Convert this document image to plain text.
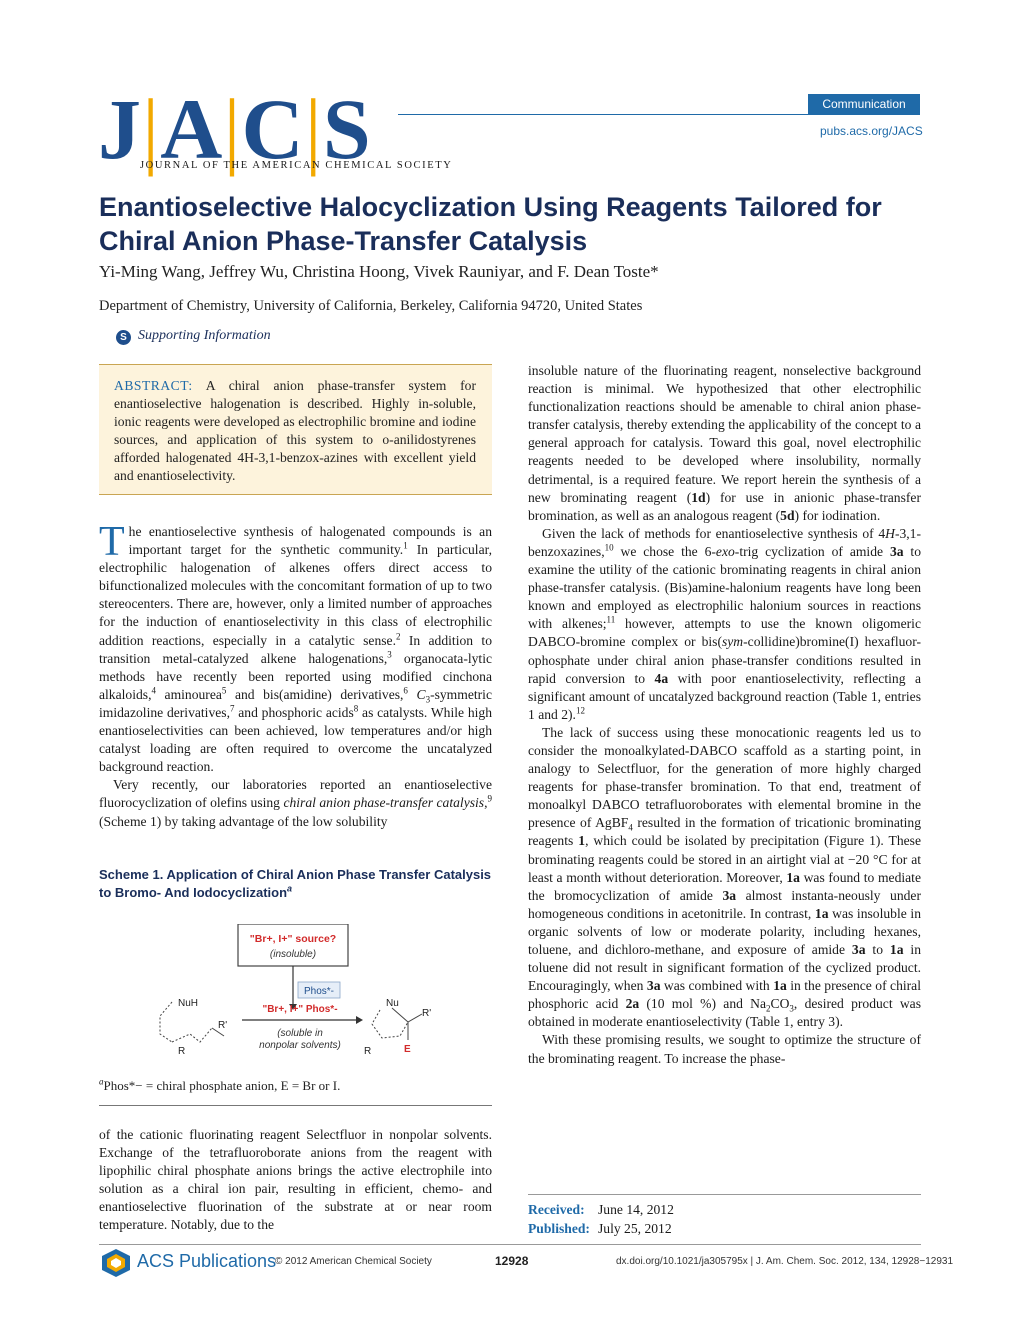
J|A|C|S
JOURNAL OF THE AMERICAN CHEMICAL SOCIETY
Communication
pubs.acs.org/JACS
Enantioselective Halocyclization Using Reagents Tailored for Chiral Anion Phase-Transfer Catalysis
Yi-Ming Wang, Jeffrey Wu, Christina Hoong, Vivek Rauniyar, and F. Dean Toste*
Department of Chemistry, University of California, Berkeley, California 94720, United States
S Supporting Information
ABSTRACT: A chiral anion phase-transfer system for enantioselective halogenation is described. Highly in-soluble, ionic reagents were developed as electrophilic bromine and iodine sources, and application of this system to o-anilidostyrenes afforded halogenated 4H-3,1-benzox-azines with excellent yield and enantioselectivity.

The enantioselective synthesis of halogenated compounds is an important target for the synthetic community.$^1$ In particular, electrophilic halogenation of alkenes offers direct access to bifunctionalized molecules with the concomitant formation of up to two stereocenters. There are, however, only a limited number of approaches for the induction of enantioselectivity in this class of electrophilic addition reactions, especially in a catalytic sense.$^2$ In addition to transition metal-catalyzed alkene halogenations,$^3$ organocata-lytic methods have recently been reported using modified cinchona alkaloids,$^4$ aminourea$^5$ and bis(amidine) derivatives,$^6$ $C_3$-symmetric imidazoline derivatives,$^7$ and phosphoric acids$^8$ as catalysts. While high enantioselectivities can been achieved, low temperatures and/or high catalyst loading are often required to overcome the uncatalyzed background reaction.

Very recently, our laboratories reported an enantioselective fluorocyclization of olefins using chiral anion phase-transfer catalysis,$^9$ (Scheme 1) by taking advantage of the low solubility

Scheme 1. Application of Chiral Anion Phase Transfer Catalysis to Bromo- And Iodocyclization$^a$
"Br+, I+" source?
(insoluble)
Phos*-
NuH
R
R'
"Br+, I+" Phos*-
(soluble in
nonpolar solvents)
Nu
R
R'
E
$^a$Phos*− = chiral phosphate anion, E = Br or I.

of the cationic fluorinating reagent Selectfluor in nonpolar solvents. Exchange of the tetrafluoroborate anions from the reagent with lipophilic chiral phosphate anions brings the active electrophile into solution as a chiral ion pair, resulting in efficient, chemo- and enantioselective fluorination of the substrate at or near room temperature. Notably, due to the

insoluble nature of the fluorinating reagent, nonselective background reaction is minimal. We hypothesized that other electrophilic functionalization reactions should be amenable to chiral anion phase-transfer catalysis, thereby extending the applicability of the concept to a general approach for catalysis. Toward this goal, novel electrophilic reagents needed to be developed where insolubility, normally detrimental, is a required feature. We report herein the synthesis of a new brominating reagent (1d) for use in anionic phase-transfer bromination, as well as an analogous reagent (5d) for iodination.

Given the lack of methods for enantioselective synthesis of 4H-3,1-benzoxazines,$^{10}$ we chose the 6-exo-trig cyclization of amide 3a to examine the utility of the cationic brominating reagents in chiral anion phase-transfer catalysis. (Bis)amine-halonium reagents have long been known and employed as electrophilic halonium sources in reactions with alkenes;$^{11}$ however, attempts to use the known oligomeric DABCO-bromine complex or bis(sym-collidine)bromine(I) hexafluor-ophosphate under chiral anion phase-transfer conditions resulted in rapid conversion to 4a with poor enantioselectivity, reflecting a significant amount of uncatalyzed background reaction (Table 1, entries 1 and 2).$^{12}$

The lack of success using these monocationic reagents led us to consider the monoalkylated-DABCO scaffold as a starting point, in analogy to Selectfluor, for the generation of more highly charged reagents for phase-transfer bromination. To that end, treatment of monoalkyl DABCO tetrafluoroborates with elemental bromine in the presence of AgBF$_4$ resulted in the formation of tricationic brominating reagents 1, which could be isolated by precipitation (Figure 1). These brominating reagents could be stored in an airtight vial at −20 °C for at least a month without deterioration. Moreover, 1a was found to mediate the bromocyclization of amide 3a almost instanta-neously under homogeneous conditions in acetonitrile. In contrast, 1a was insoluble in organic solvents of low or moderate polarity, including hexanes, toluene, and dichloro-methane, and exposure of amide 3a to 1a in toluene did not result in significant formation of the cyclized product. Encouragingly, when 3a was combined with 1a in the presence of chiral phosphoric acid 2a (10 mol %) and $Na_2CO_3$, desired product was obtained in moderate enantioselectivity (Table 1, entry 3).

With these promising results, we sought to optimize the structure of the brominating reagent. To increase the phase-

Received: June 14, 2012
Published: July 25, 2012
ACS Publications
© 2012 American Chemical Society	12928	dx.doi.org/10.1021/ja305795x | J. Am. Chem. Soc. 2012, 134, 12928−12931
